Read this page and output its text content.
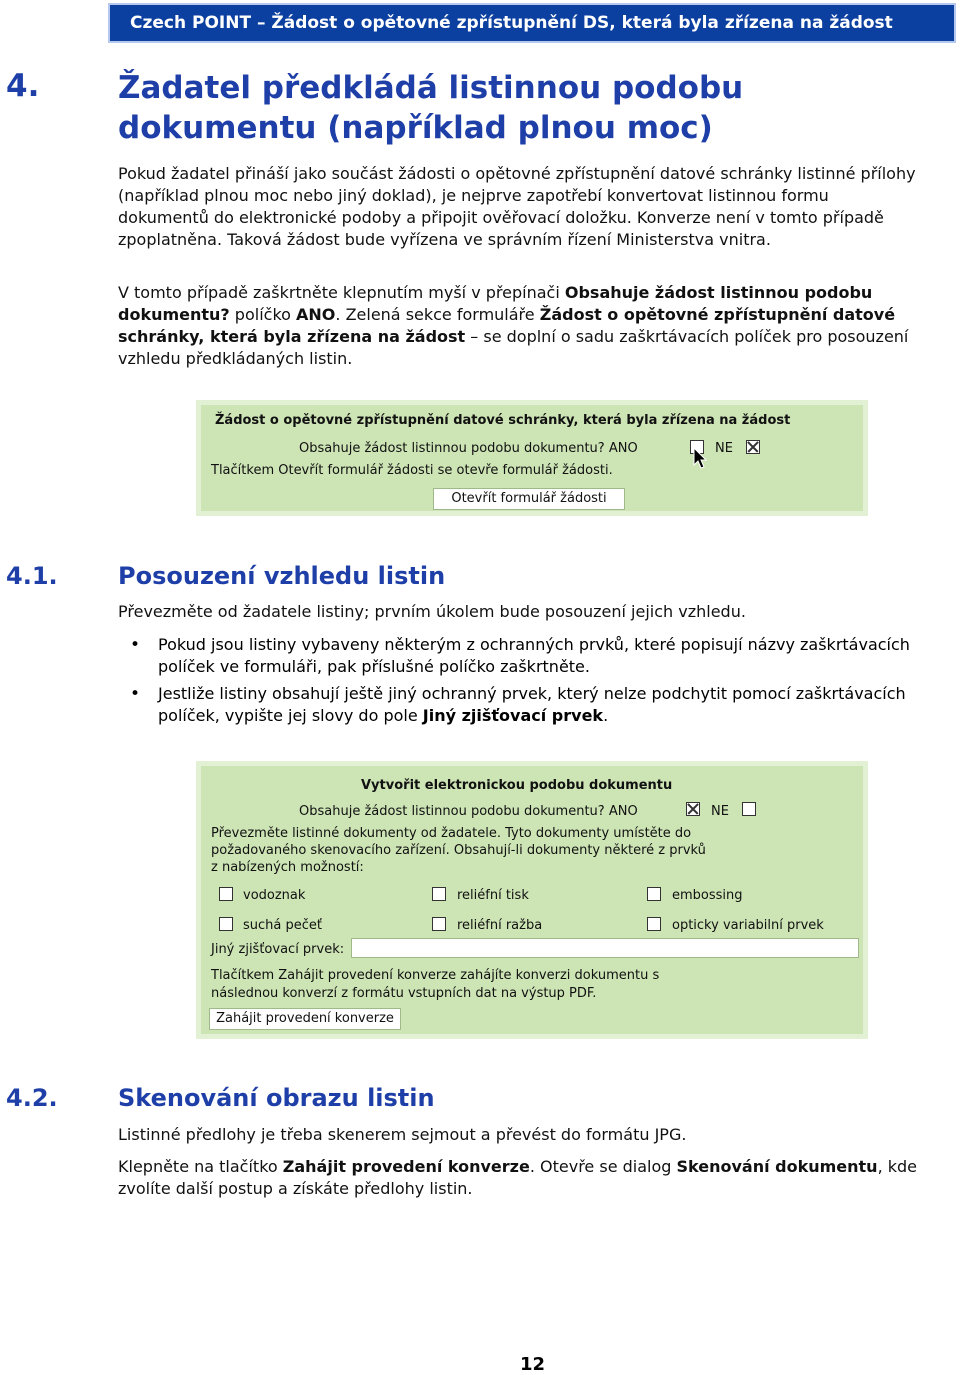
Czech POINT – Žádost o opětovné zpřístupnění DS, která byla zřízena na žádost
4.	Žadatel předkládá listinnou podobu
dokumentu (například plnou moc)
Pokud žadatel přináší jako součást žádosti o opětovné zpřístupnění datové schránky listinné přílohy (například plnou moc nebo jiný doklad), je nejprve zapotřebí konvertovat listinnou formu dokumentů do elektronické podoby a připojit ověřovací doložku. Konverze není v tomto případě zpoplatněna. Taková žádost bude vyřízena ve správním řízení Ministerstva vnitra.
V tomto případě zaškrtněte klepnutím myší v přepínači Obsahuje žádost listinnou podobu dokumentu? políčko ANO. Zelená sekce formuláře Žádost o opětovné zpřístupnění datové schránky, která byla zřízena na žádost – se doplní o sadu zaškrtávacích políček pro posouzení vzhledu předkládaných listin.
Žádost o opětovné zpřístupnění datové schránky, která byla zřízena na žádost
Obsahuje žádost listinnou podobu dokumentu? ANO	NE
Tlačítkem Otevřít formulář žádosti se otevře formulář žádosti.
Otevřít formulář žádosti
4.1.	Posouzení vzhledu listin
Převezměte od žadatele listiny; prvním úkolem bude posouzení jejich vzhledu.
• Pokud jsou listiny vybaveny některým z ochranných prvků, které popisují názvy zaškrtávacích políček ve formuláři, pak příslušné políčko zaškrtněte.
• Jestliže listiny obsahují ještě jiný ochranný prvek, který nelze podchytit pomocí zaškrtávacích políček, vypište jej slovy do pole Jiný zjišťovací prvek.
Vytvořit elektronickou podobu dokumentu
Obsahuje žádost listinnou podobu dokumentu? ANO	NE
Převezměte listinné dokumenty od žadatele. Tyto dokumenty umístěte do
požadovaného skenovacího zařízení. Obsahují-li dokumenty některé z prvků
z nabízených možností:
vodoznak	reliéfní tisk	embossing
suchá pečeť	reliéfní ražba	opticky variabilní prvek
Jiný zjišťovací prvek:
Tlačítkem Zahájit provedení konverze zahájíte konverzi dokumentu s
následnou konverzí z formátu vstupních dat na výstup PDF.
Zahájit provedení konverze
4.2.	Skenování obrazu listin
Listinné předlohy je třeba skenerem sejmout a převést do formátu JPG.
Klepněte na tlačítko Zahájit provedení konverze. Otevře se dialog Skenování dokumentu, kde zvolíte další postup a získáte předlohy listin.
12
